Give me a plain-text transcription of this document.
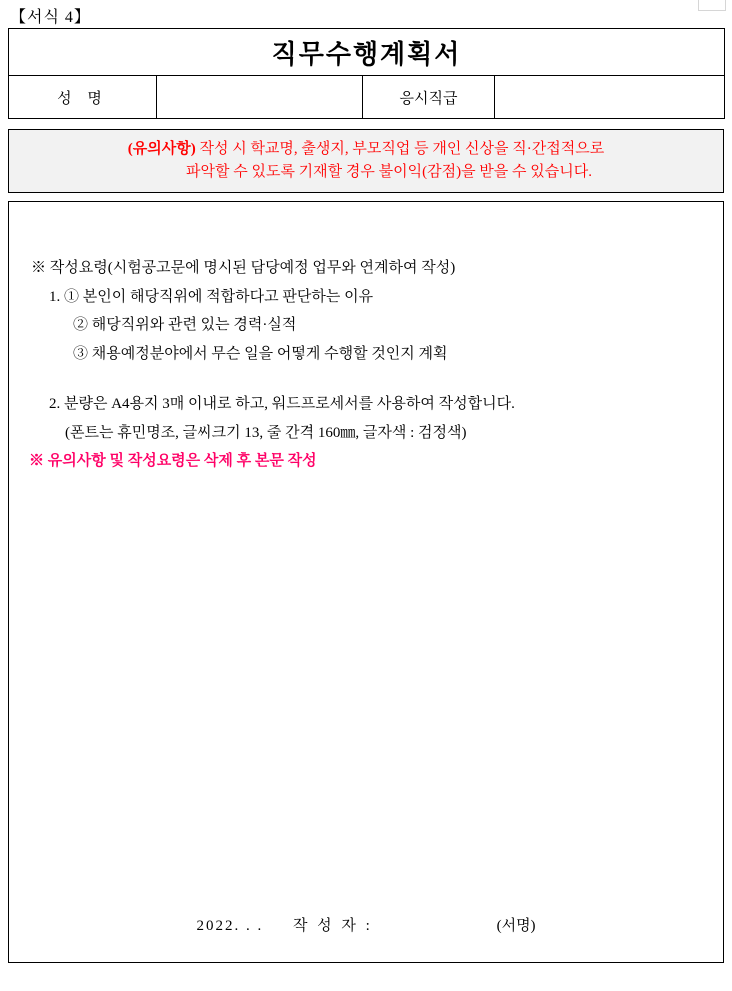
【서식 4】
직무수행계획서
성 명		응시직급	
(유의사항) 작성 시 학교명, 출생지, 부모직업 등 개인 신상을 직·간접적으로
파악할 수 있도록 기재할 경우 불이익(감점)을 받을 수 있습니다.
※ 작성요령(시험공고문에 명시된 담당예정 업무와 연계하여 작성)
1. ① 본인이 해당직위에 적합하다고 판단하는 이유
② 해당직위와 관련 있는 경력·실적
③ 채용예정분야에서 무슨 일을 어떻게 수행할 것인지 계획
2. 분량은 A4용지 3매 이내로 하고, 워드프로세서를 사용하여 작성합니다.
(폰트는 휴민명조, 글씨크기 13, 줄 간격 160㎜, 글자색 : 검정색)
※ 유의사항 및 작성요령은 삭제 후 본문 작성
2022. . . 작 성 자 :	(서명)
